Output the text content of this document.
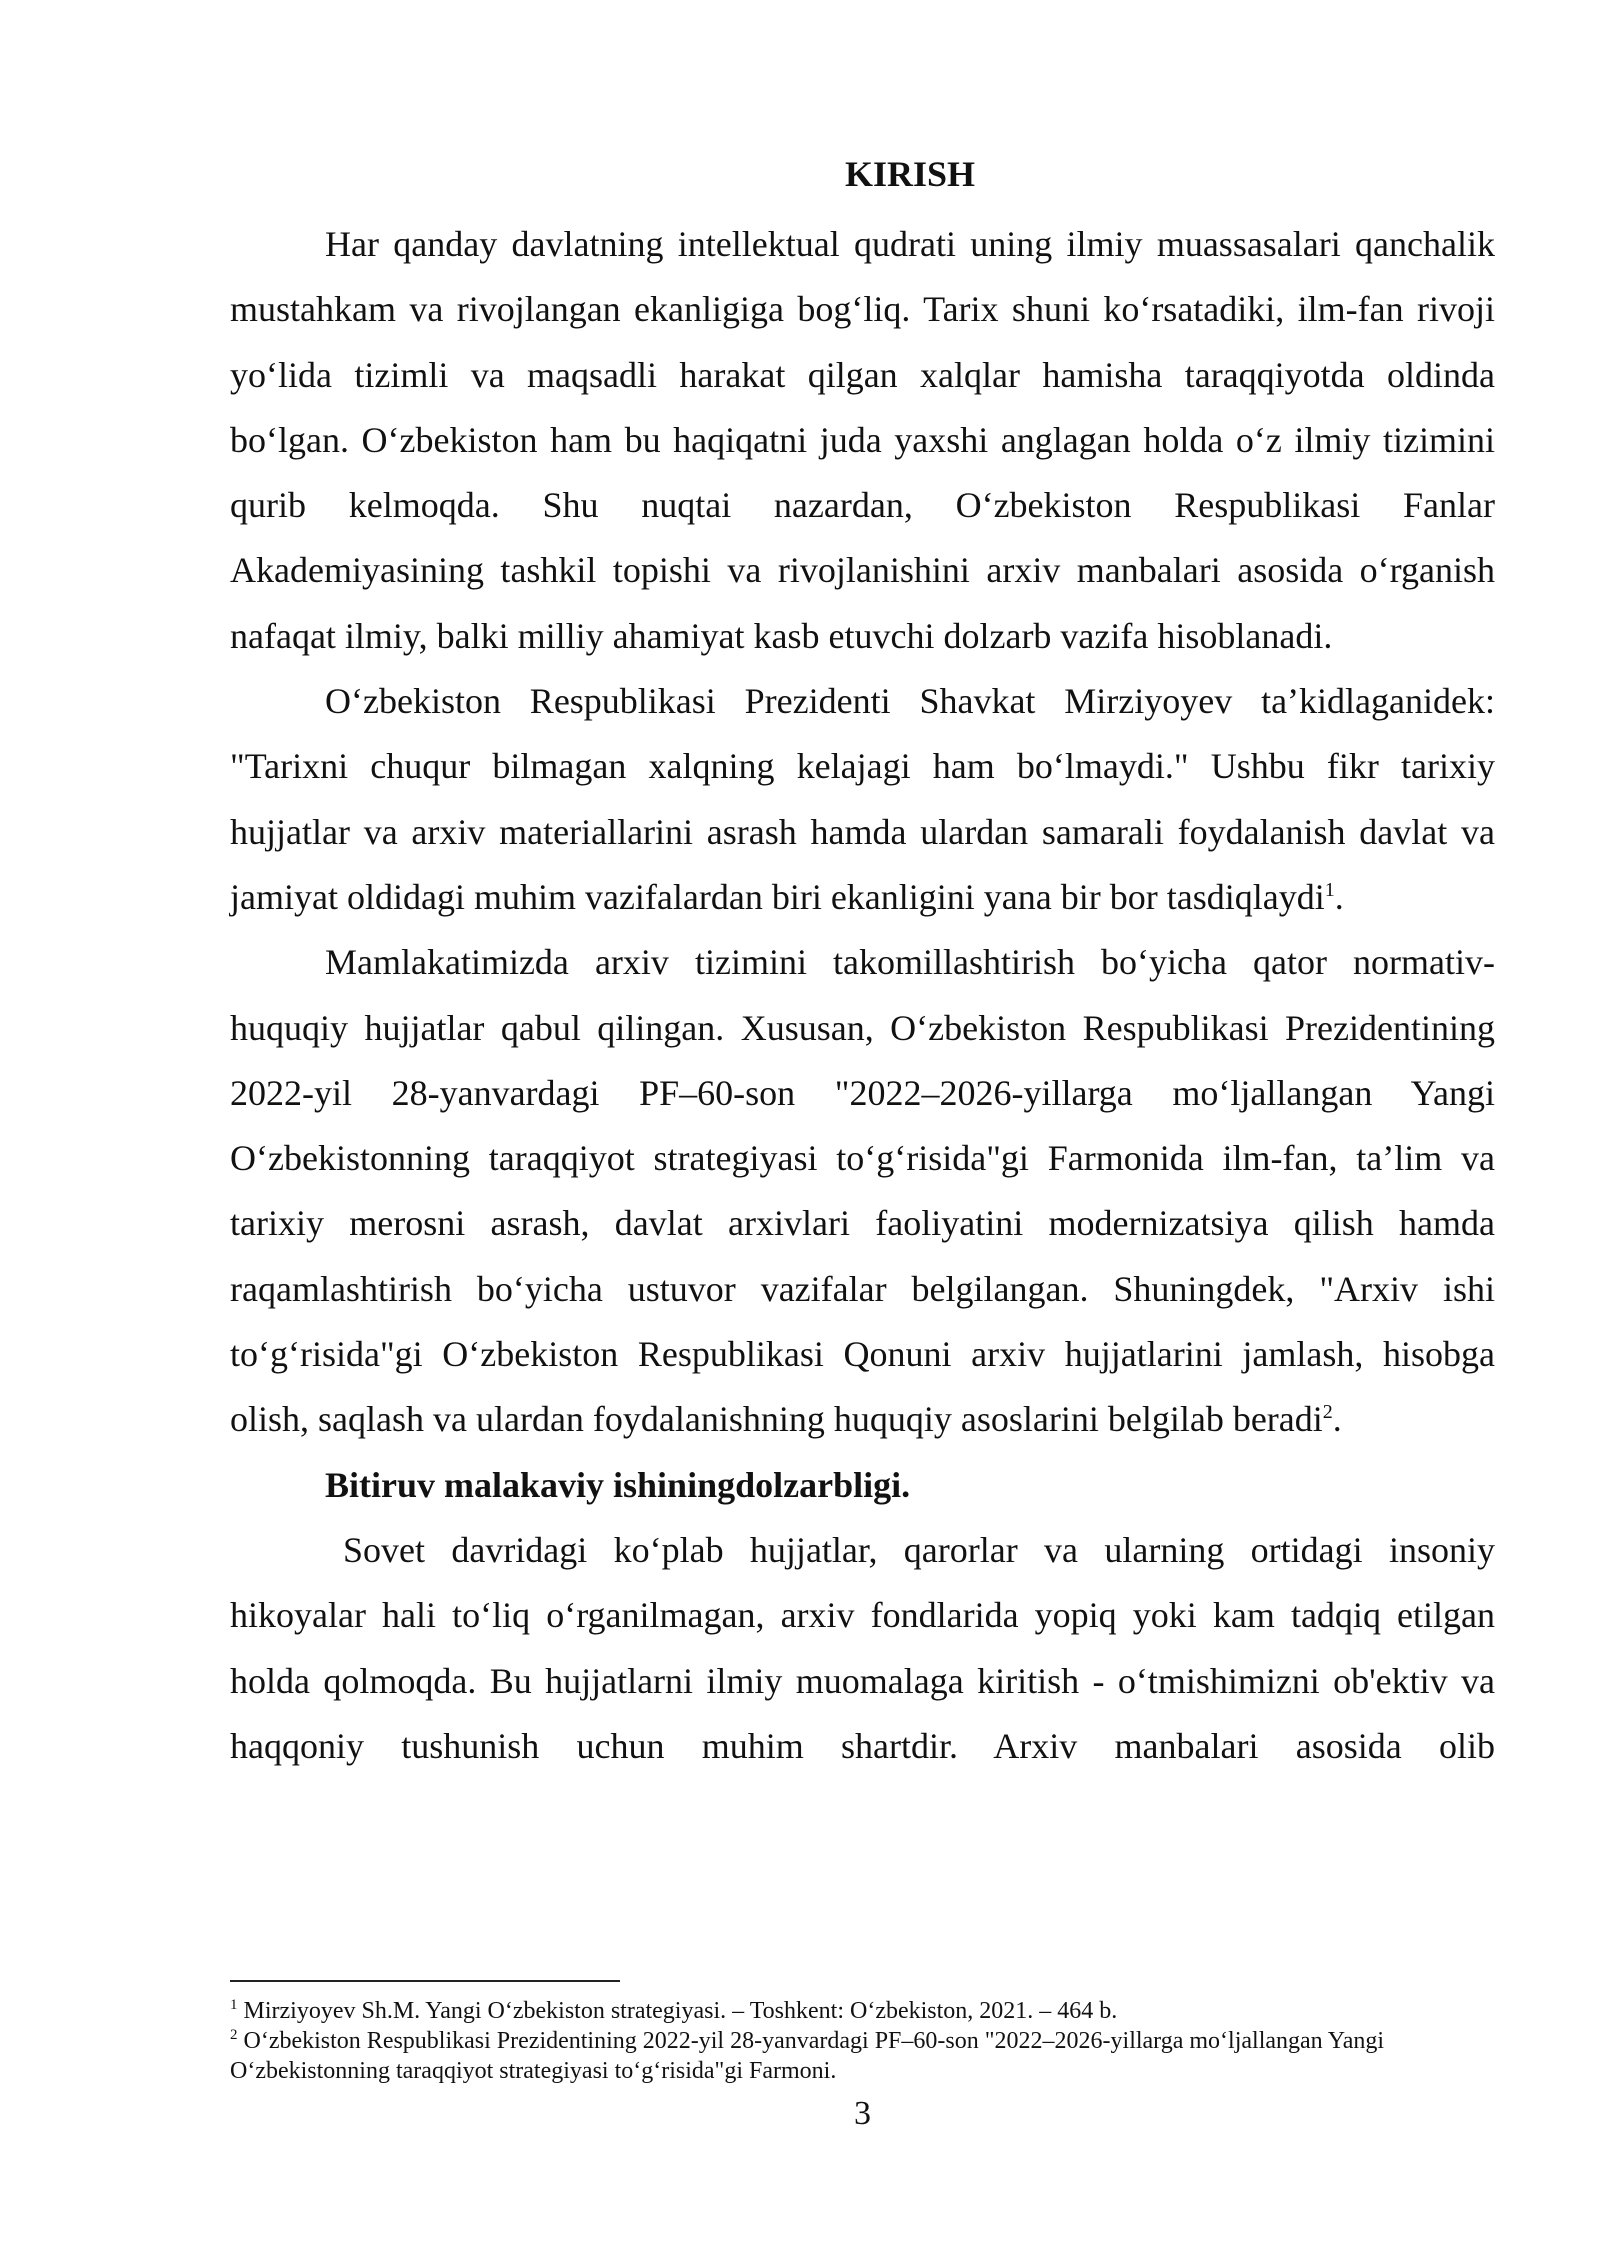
KIRISH

Har qanday davlatning intellektual qudrati uning ilmiy muassasalari qanchalik mustahkam va rivojlangan ekanligiga bog‘liq. Tarix shuni ko‘rsatadiki, ilm-fan rivoji yo‘lida tizimli va maqsadli harakat qilgan xalqlar hamisha taraqqiyotda oldinda bo‘lgan. O‘zbekiston ham bu haqiqatni juda yaxshi anglagan holda o‘z ilmiy tizimini qurib kelmoqda. Shu nuqtai nazardan, O‘zbekiston Respublikasi Fanlar Akademiyasining tashkil topishi va rivojlanishini arxiv manbalari asosida o‘rganish nafaqat ilmiy, balki milliy ahamiyat kasb etuvchi dolzarb vazifa hisoblanadi.

O‘zbekiston Respublikasi Prezidenti Shavkat Mirziyoyev ta’kidlaganidek: "Tarixni chuqur bilmagan xalqning kelajagi ham bo‘lmaydi." Ushbu fikr tarixiy hujjatlar va arxiv materiallarini asrash hamda ulardan samarali foydalanish davlat va jamiyat oldidagi muhim vazifalardan biri ekanligini yana bir bor tasdiqlaydi$^1$.

Mamlakatimizda arxiv tizimini takomillashtirish bo‘yicha qator normativ-huquqiy hujjatlar qabul qilingan. Xususan, O‘zbekiston Respublikasi Prezidentining 2022-yil 28-yanvardagi PF–60-son "2022–2026-yillarga mo‘ljallangan Yangi O‘zbekistonning taraqqiyot strategiyasi to‘g‘risida"gi Farmonida ilm-fan, ta’lim va tarixiy merosni asrash, davlat arxivlari faoliyatini modernizatsiya qilish hamda raqamlashtirish bo‘yicha ustuvor vazifalar belgilangan. Shuningdek, "Arxiv ishi to‘g‘risida"gi O‘zbekiston Respublikasi Qonuni arxiv hujjatlarini jamlash, hisobga olish, saqlash va ulardan foydalanishning huquqiy asoslarini belgilab beradi$^2$.

Bitiruv malakaviy ishiningdolzarbligi.

Sovet davridagi ko‘plab hujjatlar, qarorlar va ularning ortidagi insoniy hikoyalar hali to‘liq o‘rganilmagan, arxiv fondlarida yopiq yoki kam tadqiq etilgan holda qolmoqda. Bu hujjatlarni ilmiy muomalaga kiritish - o‘tmishimizni ob'ektiv va haqqoniy tushunish uchun muhim shartdir. Arxiv manbalari asosida olib

$^1$ Mirziyoyev Sh.M. Yangi O‘zbekiston strategiyasi. – Toshkent: O‘zbekiston, 2021. – 464 b.

$^2$ O‘zbekiston Respublikasi Prezidentining 2022-yil 28-yanvardagi PF–60-son "2022–2026-yillarga mo‘ljallangan Yangi O‘zbekistonning taraqqiyot strategiyasi to‘g‘risida"gi Farmoni.

3
